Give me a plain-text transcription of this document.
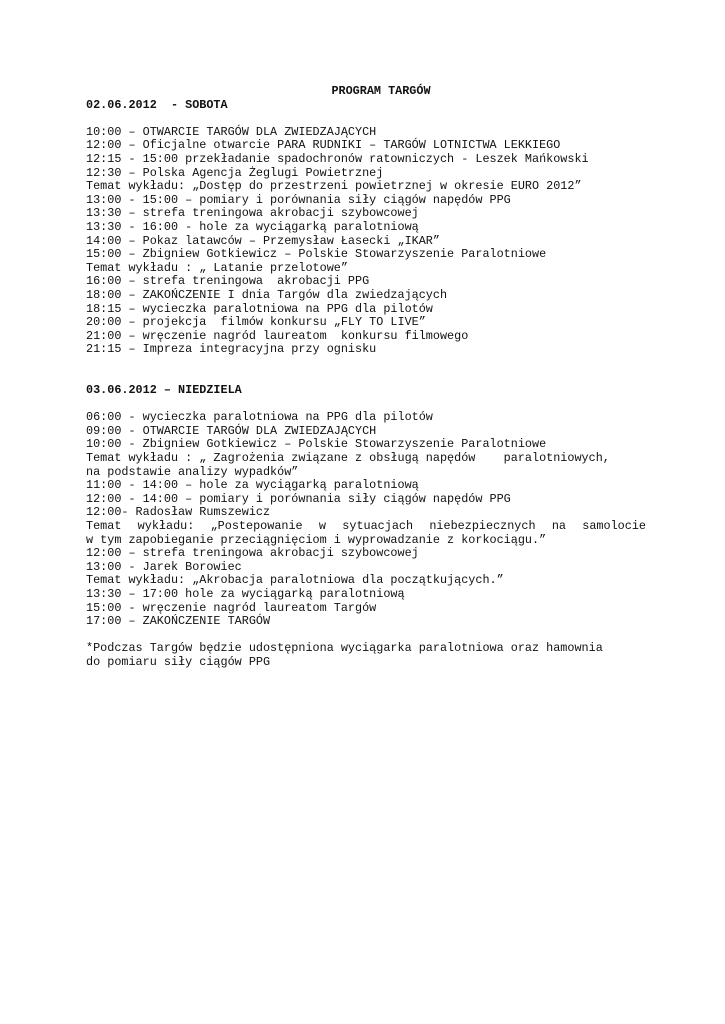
PROGRAM TARGÓW
02.06.2012  - SOBOTA
10:00 – OTWARCIE TARGÓW DLA ZWIEDZAJĄCYCH
12:00 – Oficjalne otwarcie PARA RUDNIKI – TARGÓW LOTNICTWA LEKKIEGO
12:15 - 15:00 przekładanie spadochronów ratowniczych - Leszek Mańkowski
12:30 – Polska Agencja Żeglugi Powietrznej
Temat wykładu: „Dostęp do przestrzeni powietrznej w okresie EURO 2012”
13:00 - 15:00 – pomiary i porównania siły ciągów napędów PPG
13:30 – strefa treningowa akrobacji szybowcowej
13:30 - 16:00 - hole za wyciągarką paralotniową
14:00 – Pokaz latawców – Przemysław Łasecki „IKAR”
15:00 – Zbigniew Gotkiewicz – Polskie Stowarzyszenie Paralotniowe
Temat wykładu : „ Latanie przelotowe”
16:00 – strefa treningowa  akrobacji PPG
18:00 – ZAKOŃCZENIE I dnia Targów dla zwiedzających
18:15 – wycieczka paralotniowa na PPG dla pilotów
20:00 – projekcja  filmów konkursu „FLY TO LIVE”
21:00 – wręczenie nagród laureatom  konkursu filmowego
21:15 – Impreza integracyjna przy ognisku
03.06.2012 – NIEDZIELA
06:00 - wycieczka paralotniowa na PPG dla pilotów
09:00 - OTWARCIE TARGÓW DLA ZWIEDZAJĄCYCH
10:00 - Zbigniew Gotkiewicz – Polskie Stowarzyszenie Paralotniowe
Temat wykładu : „ Zagrożenia związane z obsługą napędów    paralotniowych,
na podstawie analizy wypadków”
11:00 - 14:00 – hole za wyciągarką paralotniową
12:00 - 14:00 – pomiary i porównania siły ciągów napędów PPG
12:00- Radosław Rumszewicz
Temat wykładu: „Postepowanie w sytuacjach niebezpiecznych na samolocie
w tym zapobieganie przeciągnięciom i wyprowadzanie z korkociągu.”
12:00 – strefa treningowa akrobacji szybowcowej
13:00 - Jarek Borowiec
Temat wykładu: „Akrobacja paralotniowa dla początkujących.”
13:30 – 17:00 hole za wyciągarką paralotniową
15:00 - wręczenie nagród laureatom Targów
17:00 – ZAKOŃCZENIE TARGÓW
*Podczas Targów będzie udostępniona wyciągarka paralotniowa oraz hamownia
do pomiaru siły ciągów PPG
